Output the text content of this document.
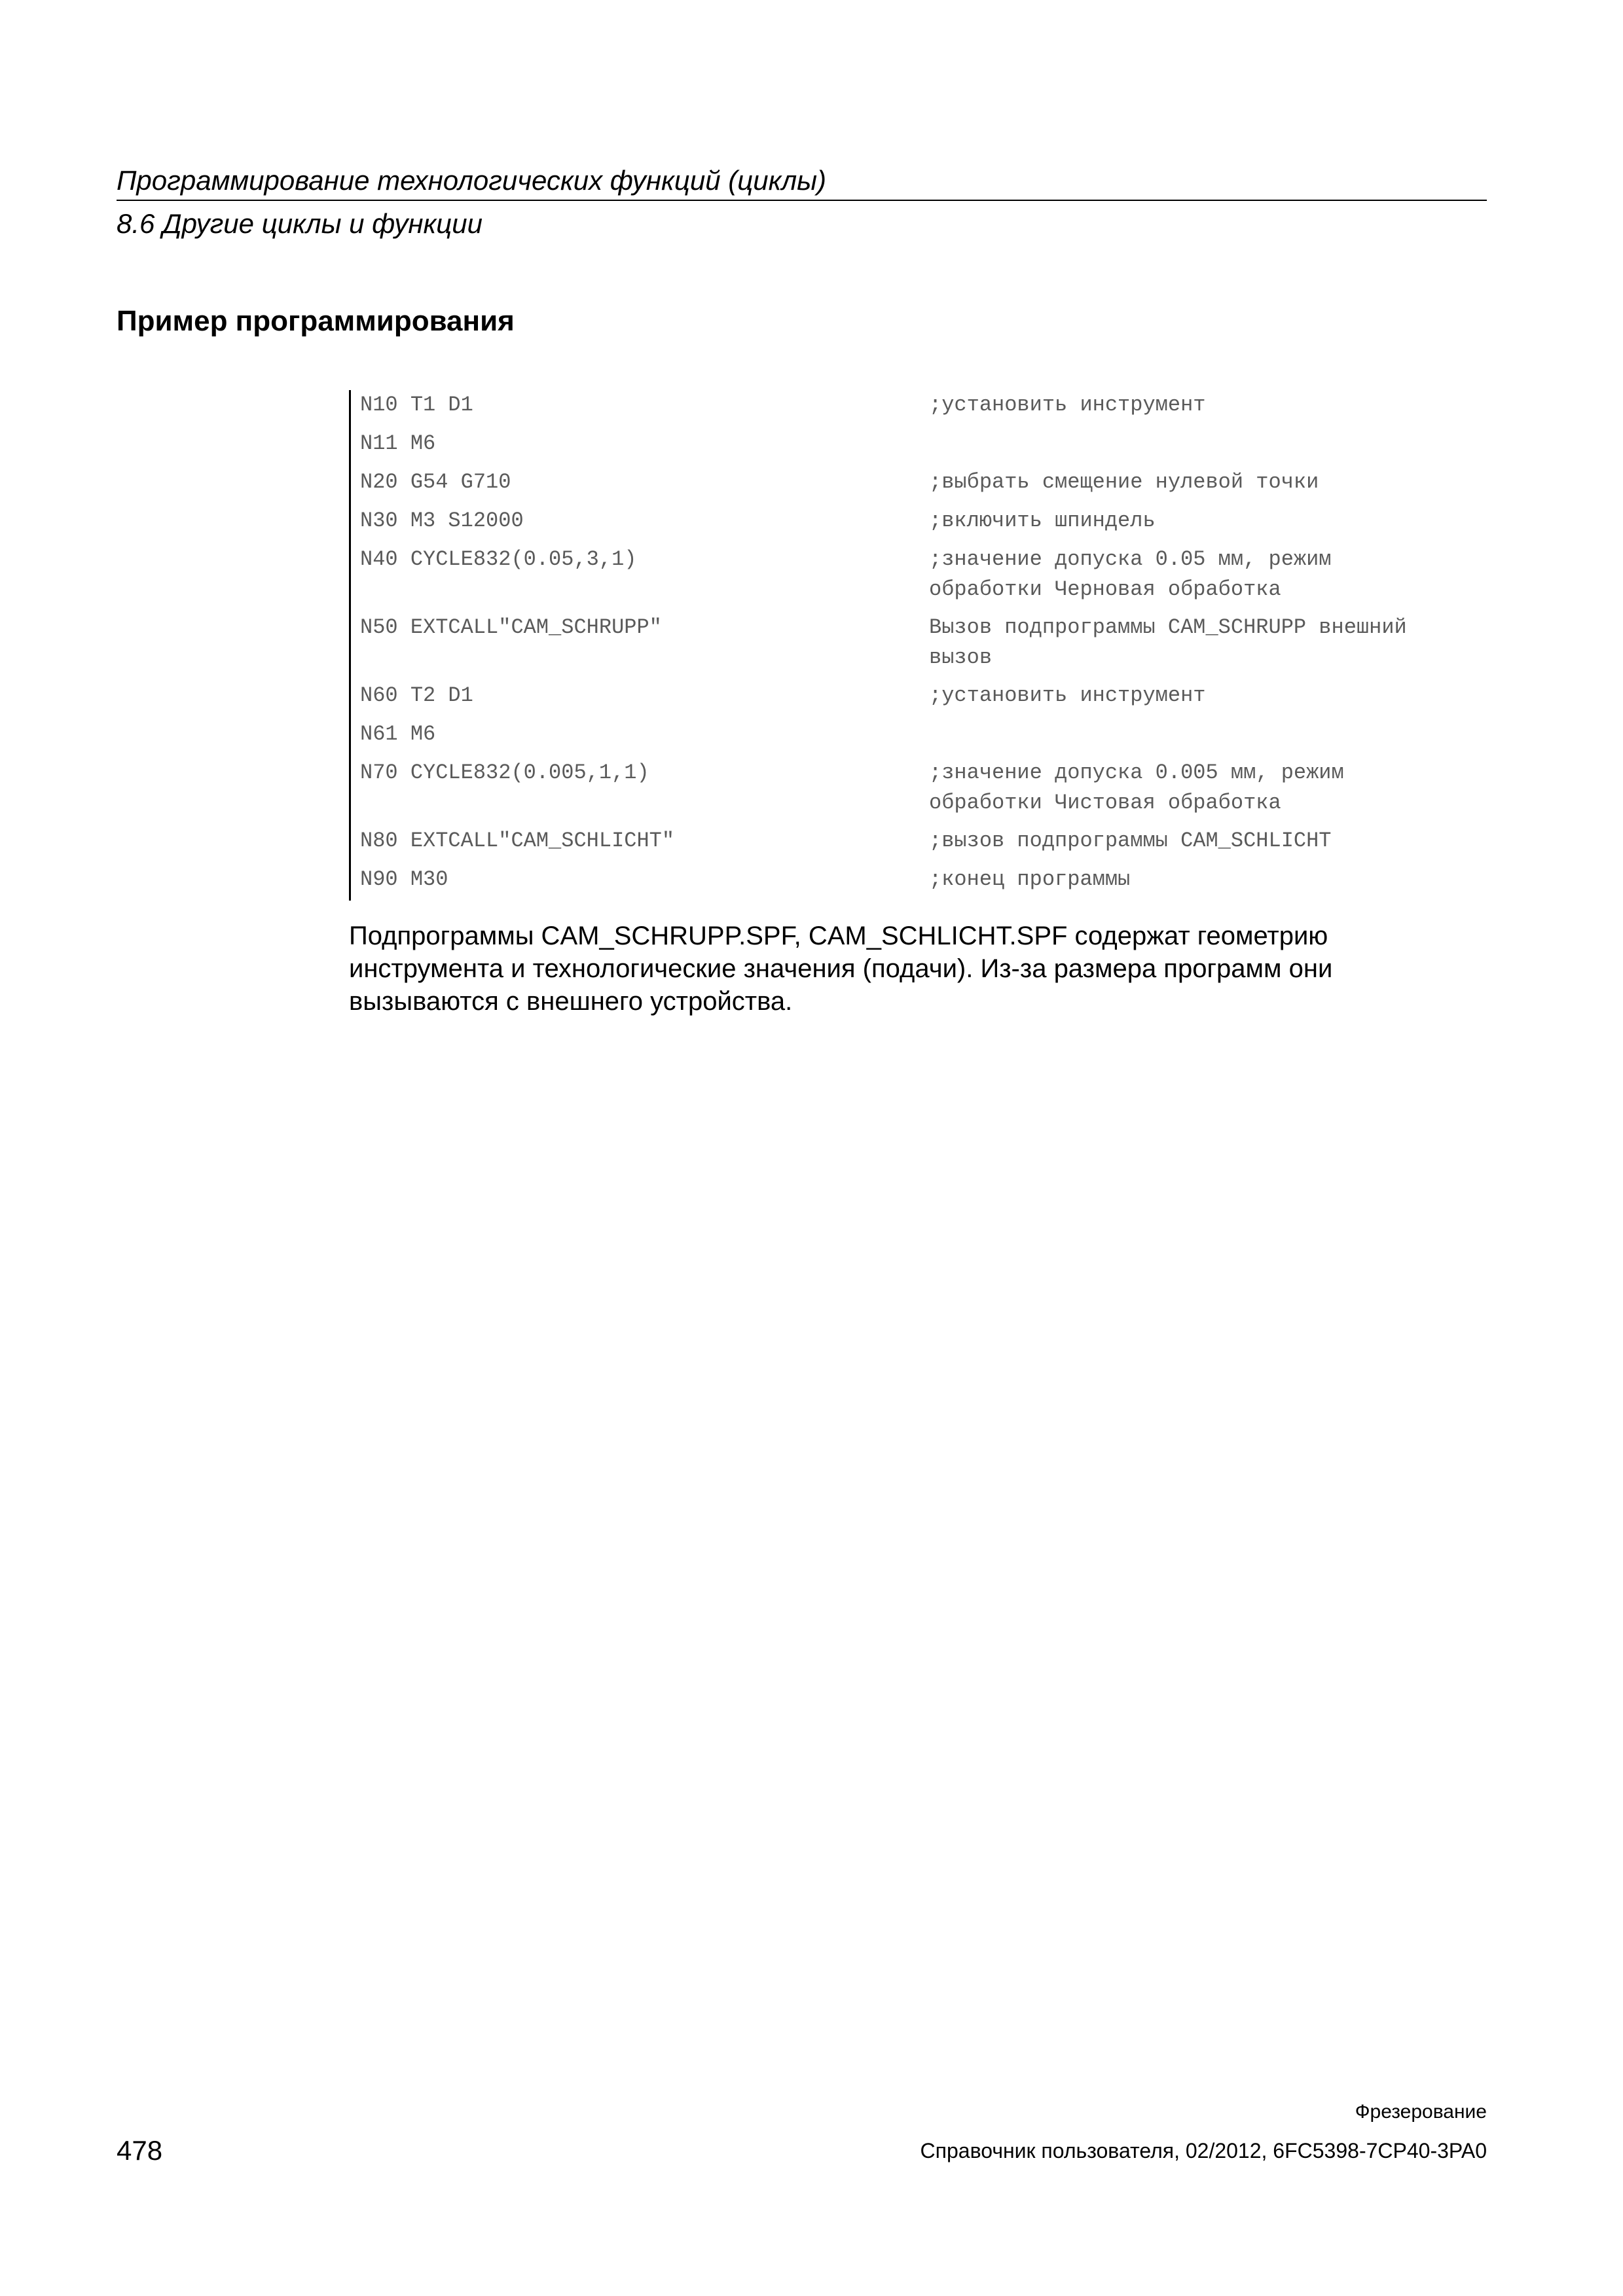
Программирование технологических функций (циклы)
8.6 Другие циклы и функции
Пример программирования
N10 T1 D1	;установить инструмент
N11 M6
N20 G54 G710	;выбрать смещение нулевой точки
N30 M3 S12000	;включить шпиндель
N40 CYCLE832(0.05,3,1)	;значение допуска 0.05 мм, режим
обработки Черновая обработка
N50 EXTCALL"CAM_SCHRUPP"	Вызов подпрограммы CAM_SCHRUPP внешний
вызов
N60 T2 D1	;установить инструмент
N61 M6
N70 CYCLE832(0.005,1,1)	;значение допуска 0.005 мм, режим
обработки Чистовая обработка
N80 EXTCALL"CAM_SCHLICHT"	;вызов подпрограммы CAM_SCHLICHT
N90 M30	;конец программы
Подпрограммы CAM_SCHRUPP.SPF, CAM_SCHLICHT.SPF содержат геометрию инструмента и технологические значения (подачи). Из-за размера программ они вызываются с внешнего устройства.
Фрезерование
478	Справочник пользователя, 02/2012, 6FC5398-7CP40-3PA0
